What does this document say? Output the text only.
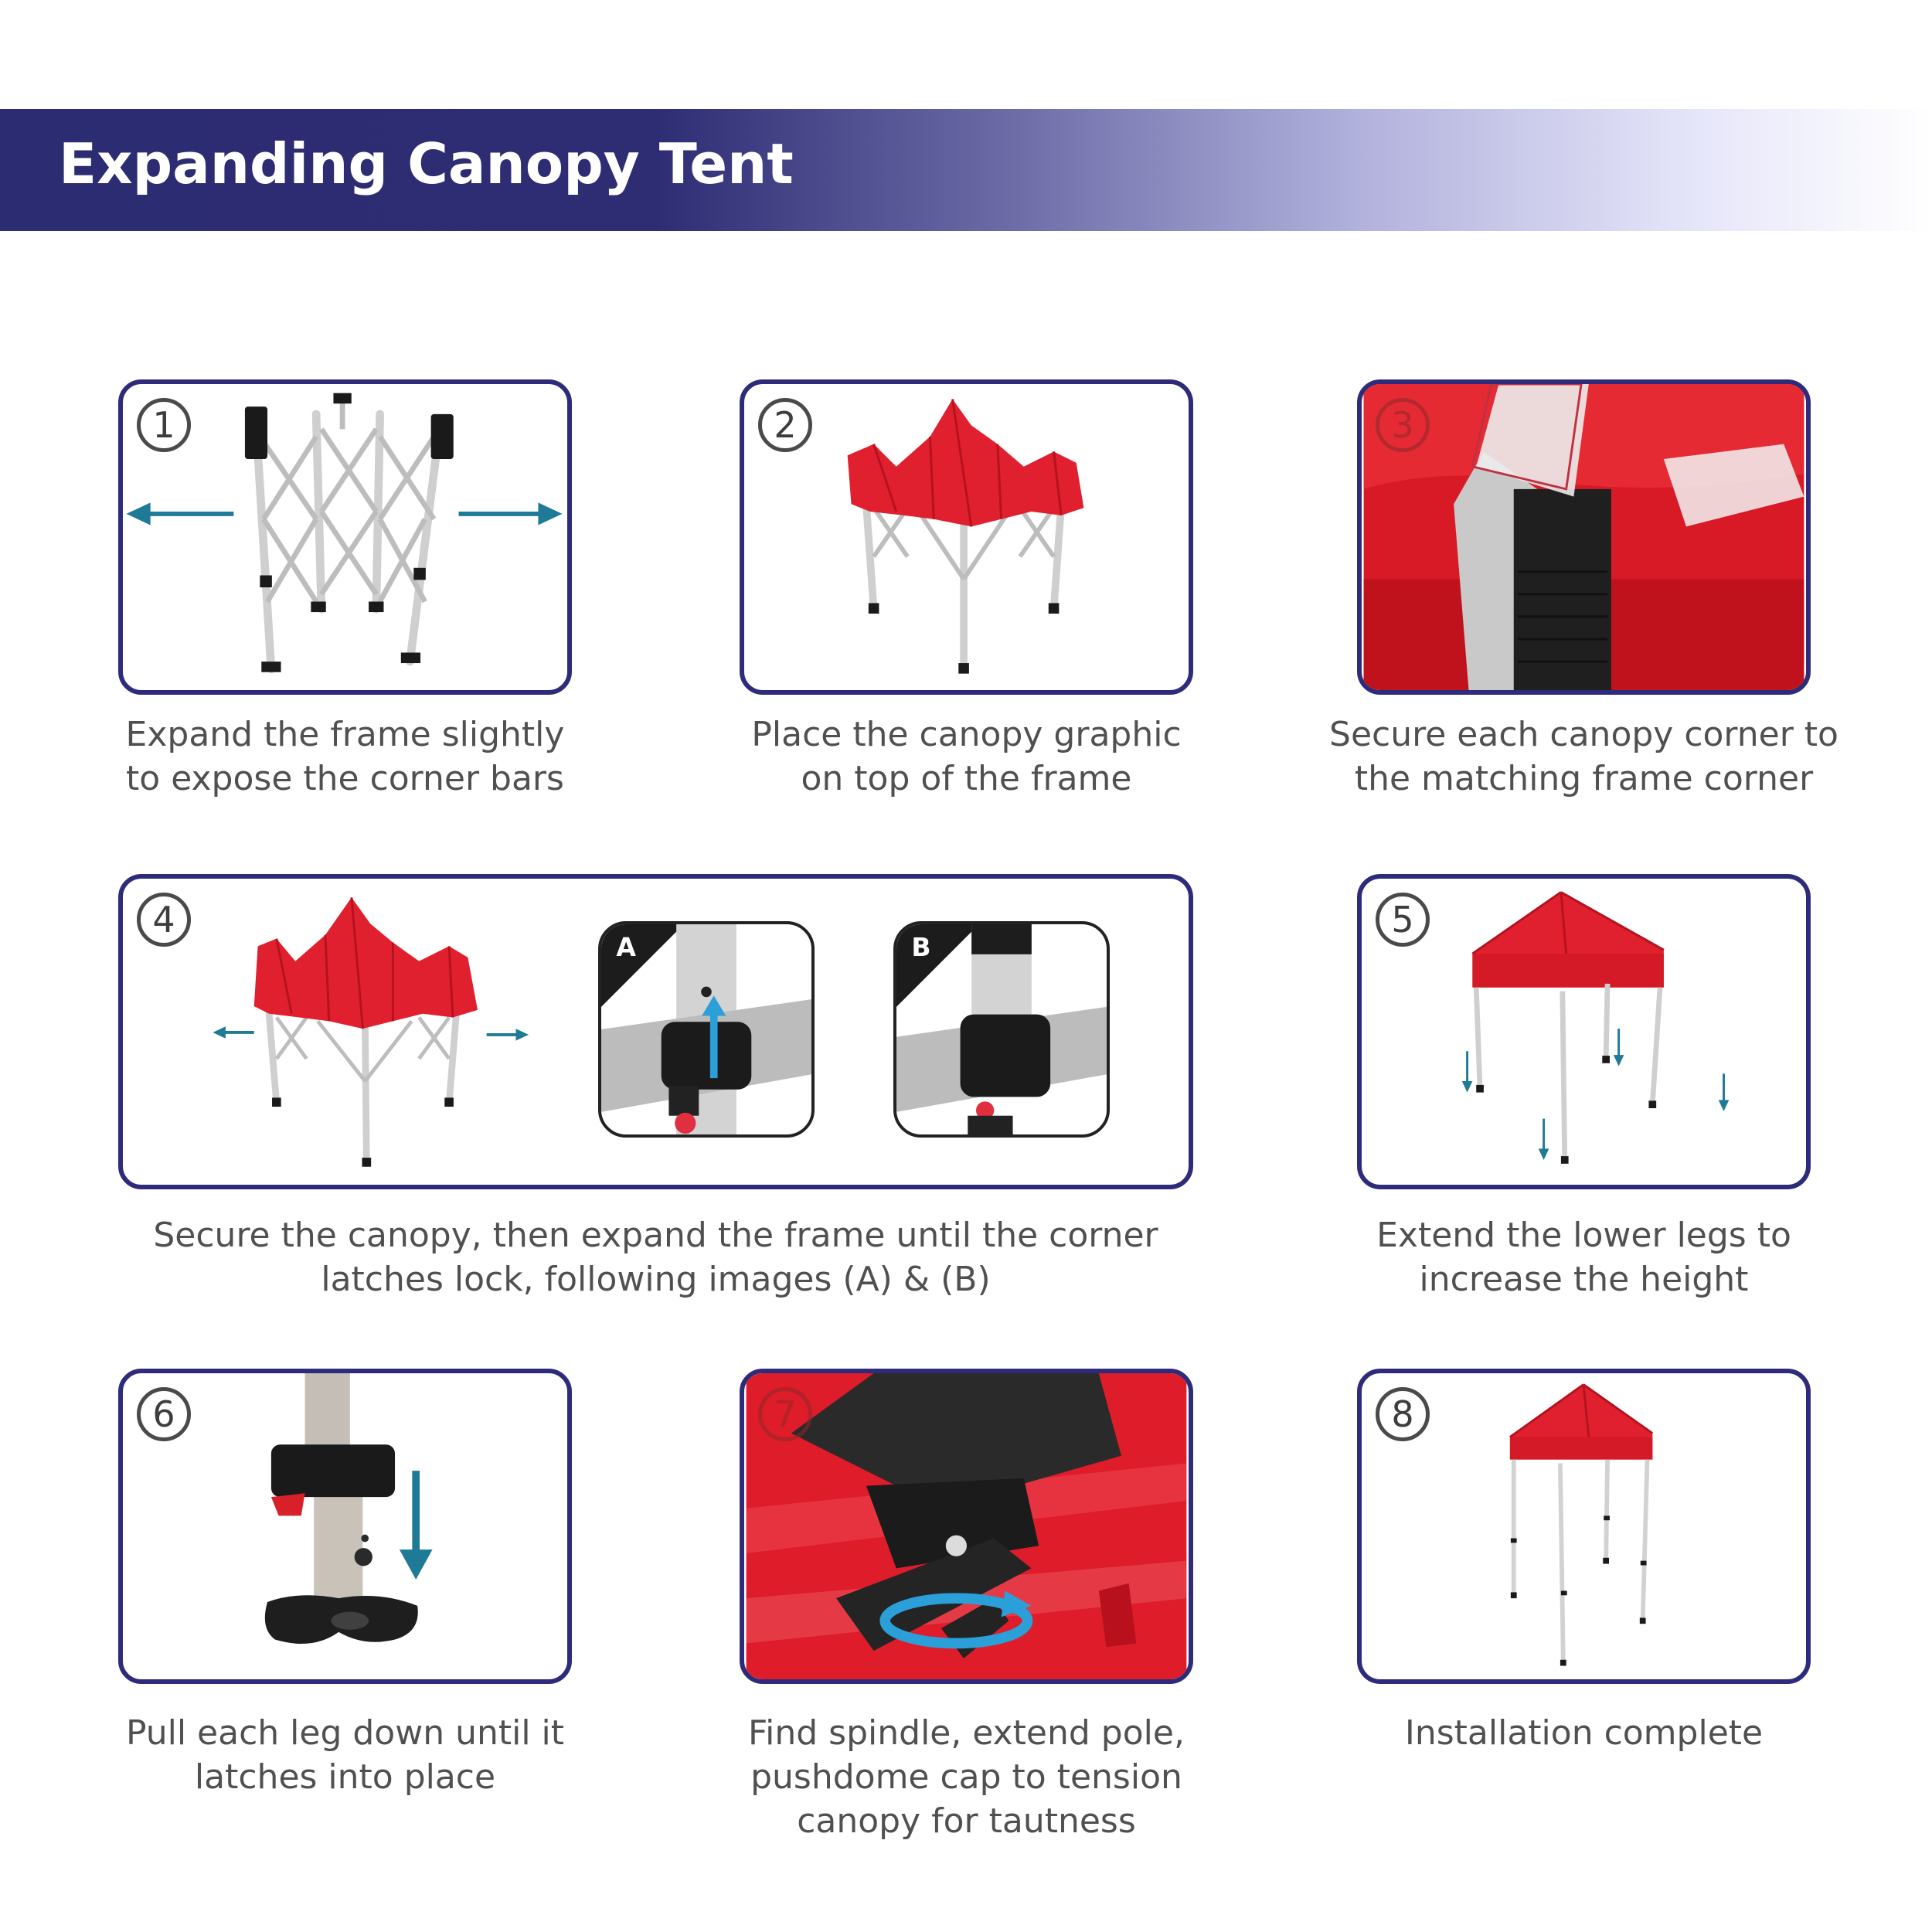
Expanding Canopy Tent
1

Expand the frame slightly
to expose the corner bars

2

Place the canopy graphic
on top of the frame

3

Secure each canopy corner to
the matching frame corner

4
A	B

Secure the canopy, then expand the frame until the corner
latches lock, following images (A) & (B)

5

Extend the lower legs to
increase the height

6

Pull each leg down until it
latches into place

7

Find spindle, extend pole,
pushdome cap to tension
canopy for tautness

8

Installation complete
